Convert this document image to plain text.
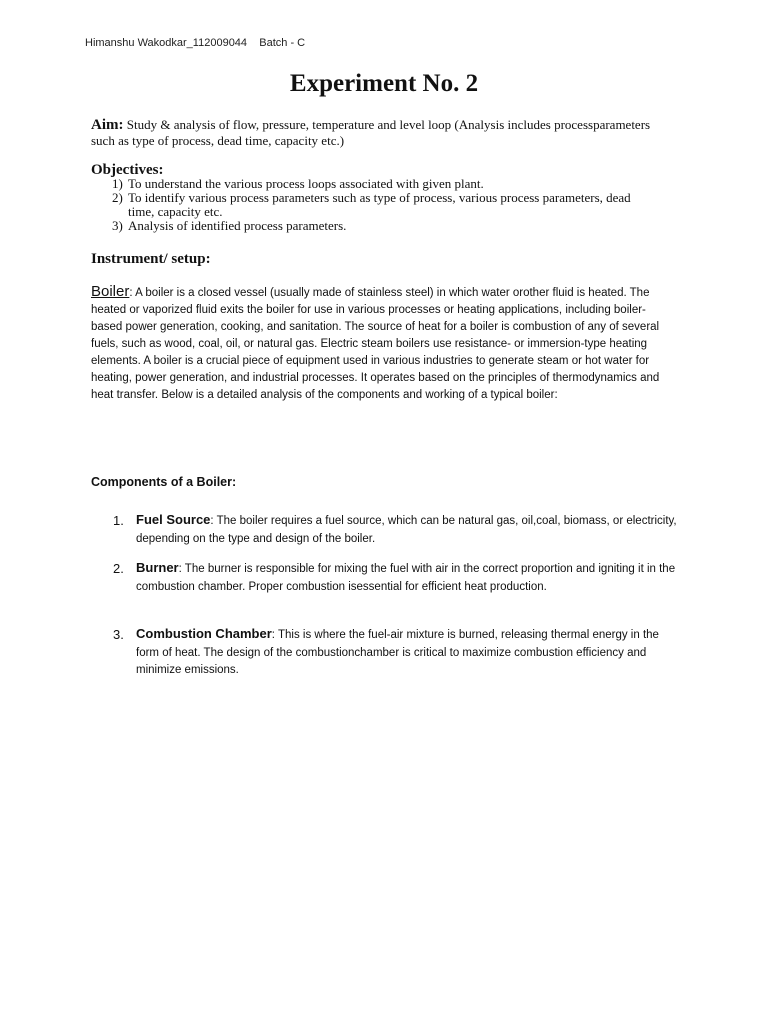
Himanshu Wakodkar_112009044    Batch - C
Experiment No. 2
Aim: Study & analysis of flow, pressure, temperature and level loop (Analysis includes processparameters such as type of process, dead time, capacity etc.)
Objectives:
1) To understand the various process loops associated with given plant.
2) To identify various process parameters such as type of process, various process parameters, dead time, capacity etc.
3) Analysis of identified process parameters.
Instrument/ setup:
Boiler: A boiler is a closed vessel (usually made of stainless steel) in which water orother fluid is heated. The heated or vaporized fluid exits the boiler for use in various processes or heating applications, including boiler-based power generation, cooking, and sanitation. The source of heat for a boiler is combustion of any of several fuels, such as wood, coal, oil, or natural gas. Electric steam boilers use resistance- or immersion-type heating elements. A boiler is a crucial piece of equipment used in various industries to generate steam or hot water for heating, power generation, and industrial processes. It operates based on the principles of thermodynamics and heat transfer. Below is a detailed analysis of the components and working of a typical boiler:
Components of a Boiler:
1. Fuel Source: The boiler requires a fuel source, which can be natural gas, oil,coal, biomass, or electricity, depending on the type and design of the boiler.
2. Burner: The burner is responsible for mixing the fuel with air in the correct proportion and igniting it in the combustion chamber. Proper combustion isessential for efficient heat production.
3. Combustion Chamber: This is where the fuel-air mixture is burned, releasing thermal energy in the form of heat. The design of the combustionchamber is critical to maximize combustion efficiency and minimize emissions.
